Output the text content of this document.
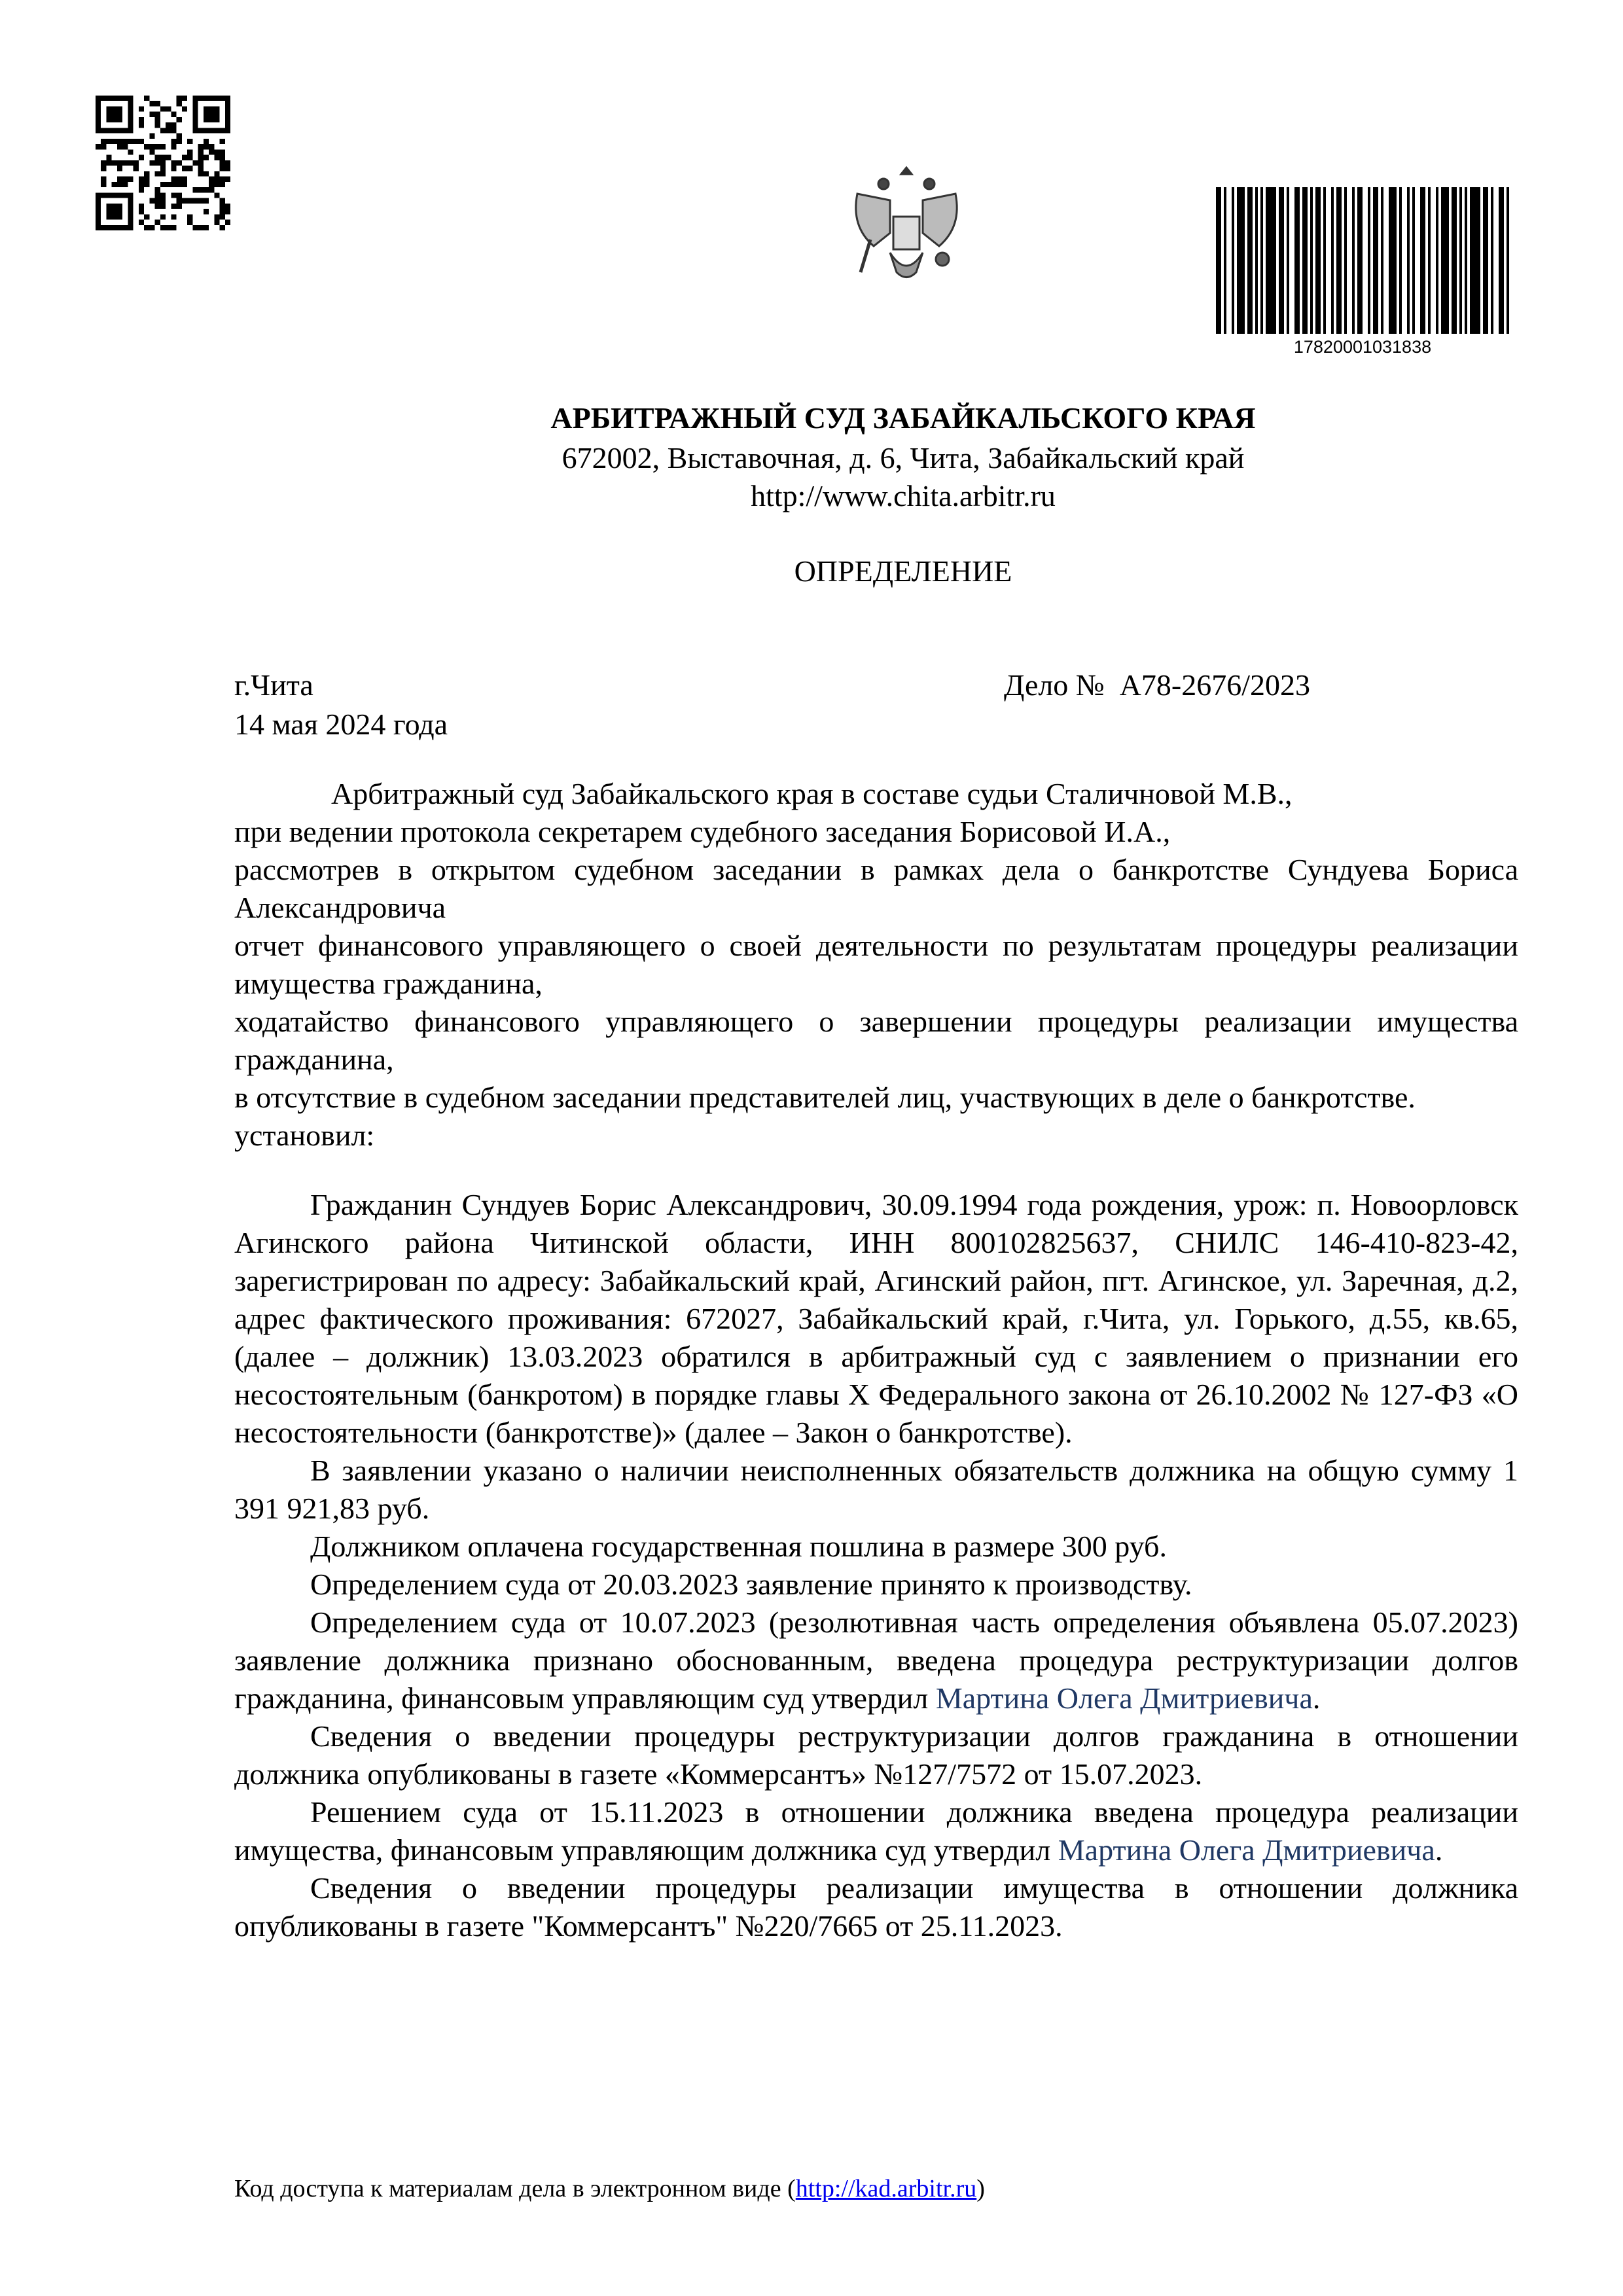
17820001031838
АРБИТРАЖНЫЙ СУД ЗАБАЙКАЛЬСКОГО КРАЯ
672002, Выставочная, д. 6, Чита, Забайкальский край
http://www.chita.arbitr.ru
ОПРЕДЕЛЕНИЕ
г.Чита
14 мая 2024 года
Дело № А78-2676/2023

Арбитражный суд Забайкальского края в составе судьи Сталичновой М.В.,

при ведении протокола секретарем судебного заседания Борисовой И.А.,

рассмотрев в открытом судебном заседании в рамках дела о банкротстве Сундуева Бориса Александровича

отчет финансового управляющего о своей деятельности по результатам процедуры реализации имущества гражданина,

ходатайство финансового управляющего о завершении процедуры реализации имущества гражданина,

в отсутствие в судебном заседании представителей лиц, участвующих в деле о банкротстве.

установил:

Гражданин Сундуев Борис Александрович, 30.09.1994 года рождения, урож: п. Новоорловск Агинского района Читинской области, ИНН 800102825637, СНИЛС 146-410-823-42, зарегистрирован по адресу: Забайкальский край, Агинский район, пгт. Агинское, ул. Заречная, д.2, адрес фактического проживания: 672027, Забайкальский край, г.Чита, ул. Горького, д.55, кв.65, (далее – должник) 13.03.2023 обратился в арбитражный суд с заявлением о признании его несостоятельным (банкротом) в порядке главы Х Федерального закона от 26.10.2002 № 127-ФЗ «О несостоятельности (банкротстве)» (далее – Закон о банкротстве).

В заявлении указано о наличии неисполненных обязательств должника на общую сумму 1 391 921,83 руб.

Должником оплачена государственная пошлина в размере 300 руб.

Определением суда от 20.03.2023 заявление принято к производству.

Определением суда от 10.07.2023 (резолютивная часть определения объявлена 05.07.2023) заявление должника признано обоснованным, введена процедура реструктуризации долгов гражданина, финансовым управляющим суд утвердил Мартина Олега Дмитриевича.

Сведения о введении процедуры реструктуризации долгов гражданина в отношении должника опубликованы в газете «Коммерсантъ» №127/7572 от 15.07.2023.

Решением суда от 15.11.2023 в отношении должника введена процедура реализации имущества, финансовым управляющим должника суд утвердил Мартина Олега Дмитриевича.

Сведения о введении процедуры реализации имущества в отношении должника опубликованы в газете "Коммерсантъ" №220/7665 от 25.11.2023.

Код доступа к материалам дела в электронном виде (http://kad.arbitr.ru)
